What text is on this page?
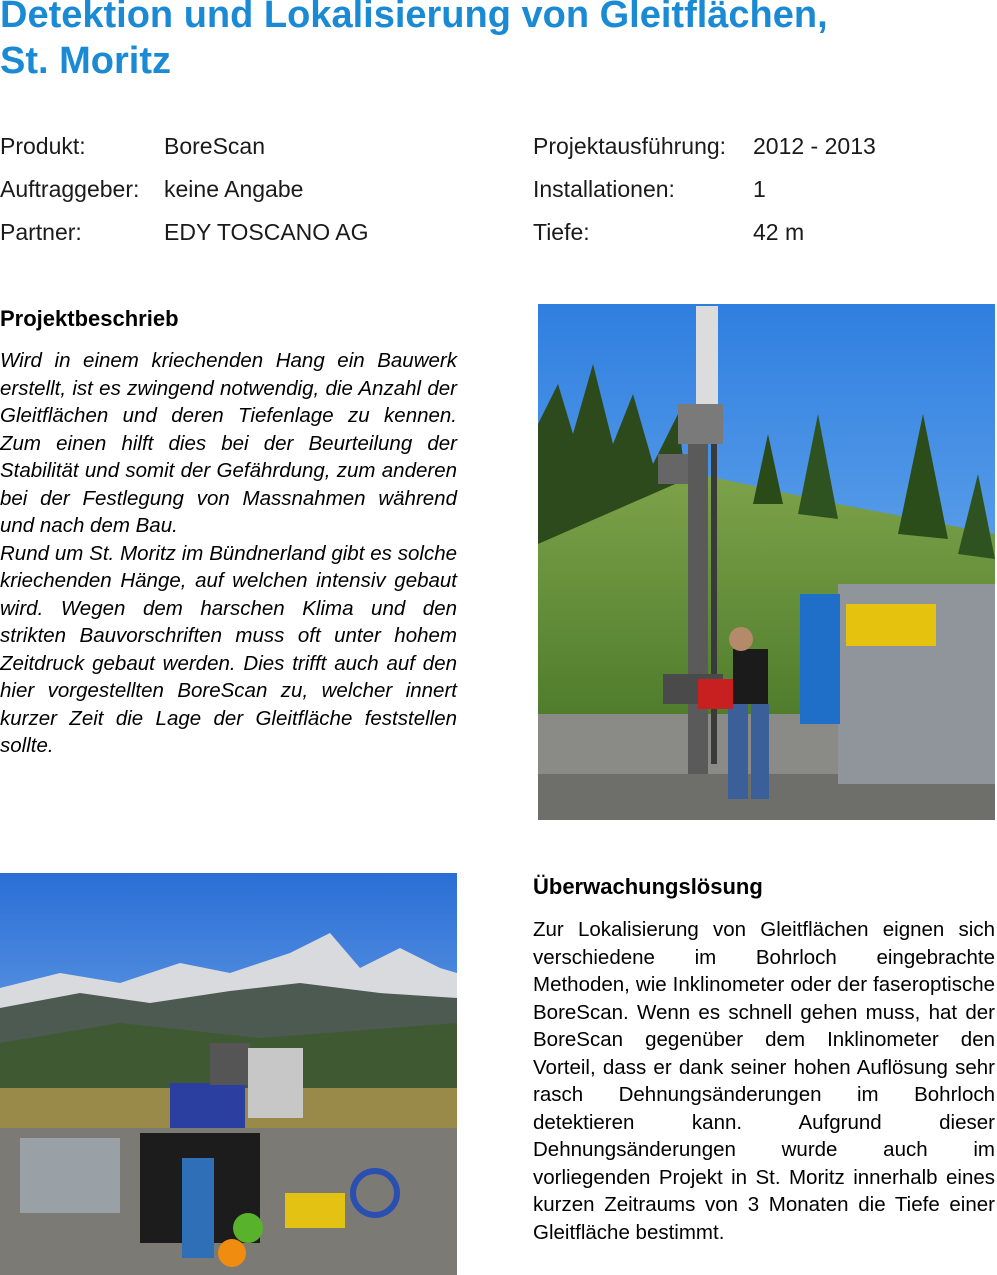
Detektion und Lokalisierung von Gleitflächen,
St. Moritz
Produkt:	BoreScan
Auftraggeber: keine Angabe
Partner:	EDY TOSCANO AG
Projektausführung: 2012 - 2013
Installationen:	1
Tiefe:	42 m
Projektbeschrieb

Wird in einem kriechenden Hang ein Bauwerk erstellt, ist es zwingend notwendig, die Anzahl der Gleitflächen und deren Tiefenlage zu kennen. Zum einen hilft dies bei der Beurteilung der Stabilität und somit der Gefährdung, zum anderen bei der Festlegung von Massnahmen während und nach dem Bau.

Rund um St. Moritz im Bündnerland gibt es solche kriechenden Hänge, auf welchen intensiv gebaut wird. Wegen dem harschen Klima und den strikten Bauvorschriften muss oft unter hohem Zeitdruck gebaut werden. Dies trifft auch auf den hier vorgestellten BoreScan zu, welcher innert kurzer Zeit die Lage der Gleitfläche feststellen sollte.

Überwachungslösung

Zur Lokalisierung von Gleitflächen eignen sich verschiedene im Bohrloch eingebrachte Methoden, wie Inklinometer oder der faseroptische BoreScan. Wenn es schnell gehen muss, hat der BoreScan gegenüber dem Inklinometer den Vorteil, dass er dank seiner hohen Auflösung sehr rasch Dehnungsänderungen im Bohrloch detektieren kann. Aufgrund dieser Dehnungsänderungen wurde auch im vorliegenden Projekt in St. Moritz innerhalb eines kurzen Zeitraums von 3 Monaten die Tiefe einer Gleitfläche bestimmt.
